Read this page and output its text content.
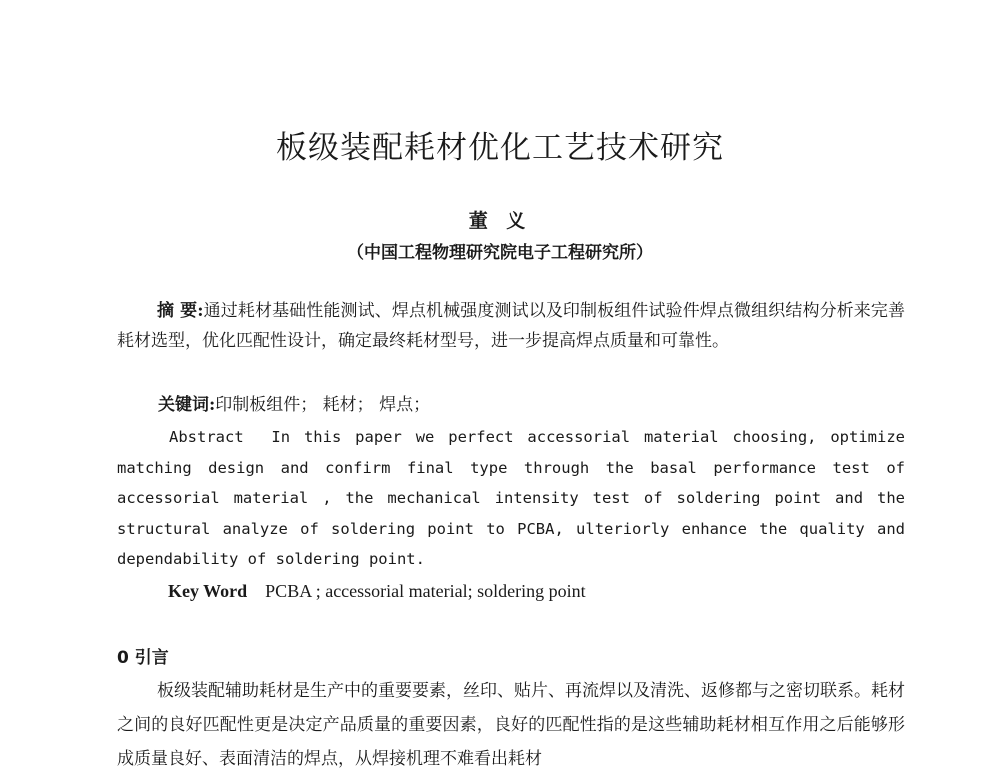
板级装配耗材优化工艺技术研究
董 义
（中国工程物理研究院电子工程研究所）
摘 要:通过耗材基础性能测试、焊点机械强度测试以及印制板组件试验件焊点微组织结构分析来完善耗材选型，优化匹配性设计，确定最终耗材型号，进一步提高焊点质量和可靠性。
关键词:印制板组件； 耗材； 焊点；
Abstract In this paper we perfect accessorial material choosing, optimize matching design and confirm final type through the basal performance test of accessorial material , the mechanical intensity test of soldering point and the structural analyze of soldering point to PCBA, ulteriorly enhance the quality and dependability of soldering point.
Key Word PCBA ; accessorial material; soldering point
0 引言
板级装配辅助耗材是生产中的重要要素，丝印、贴片、再流焊以及清洗、返修都与之密切联系。耗材之间的良好匹配性更是决定产品质量的重要因素，良好的匹配性指的是这些辅助耗材相互作用之后能够形成质量良好、表面清洁的焊点，从焊接机理不难看出耗材
